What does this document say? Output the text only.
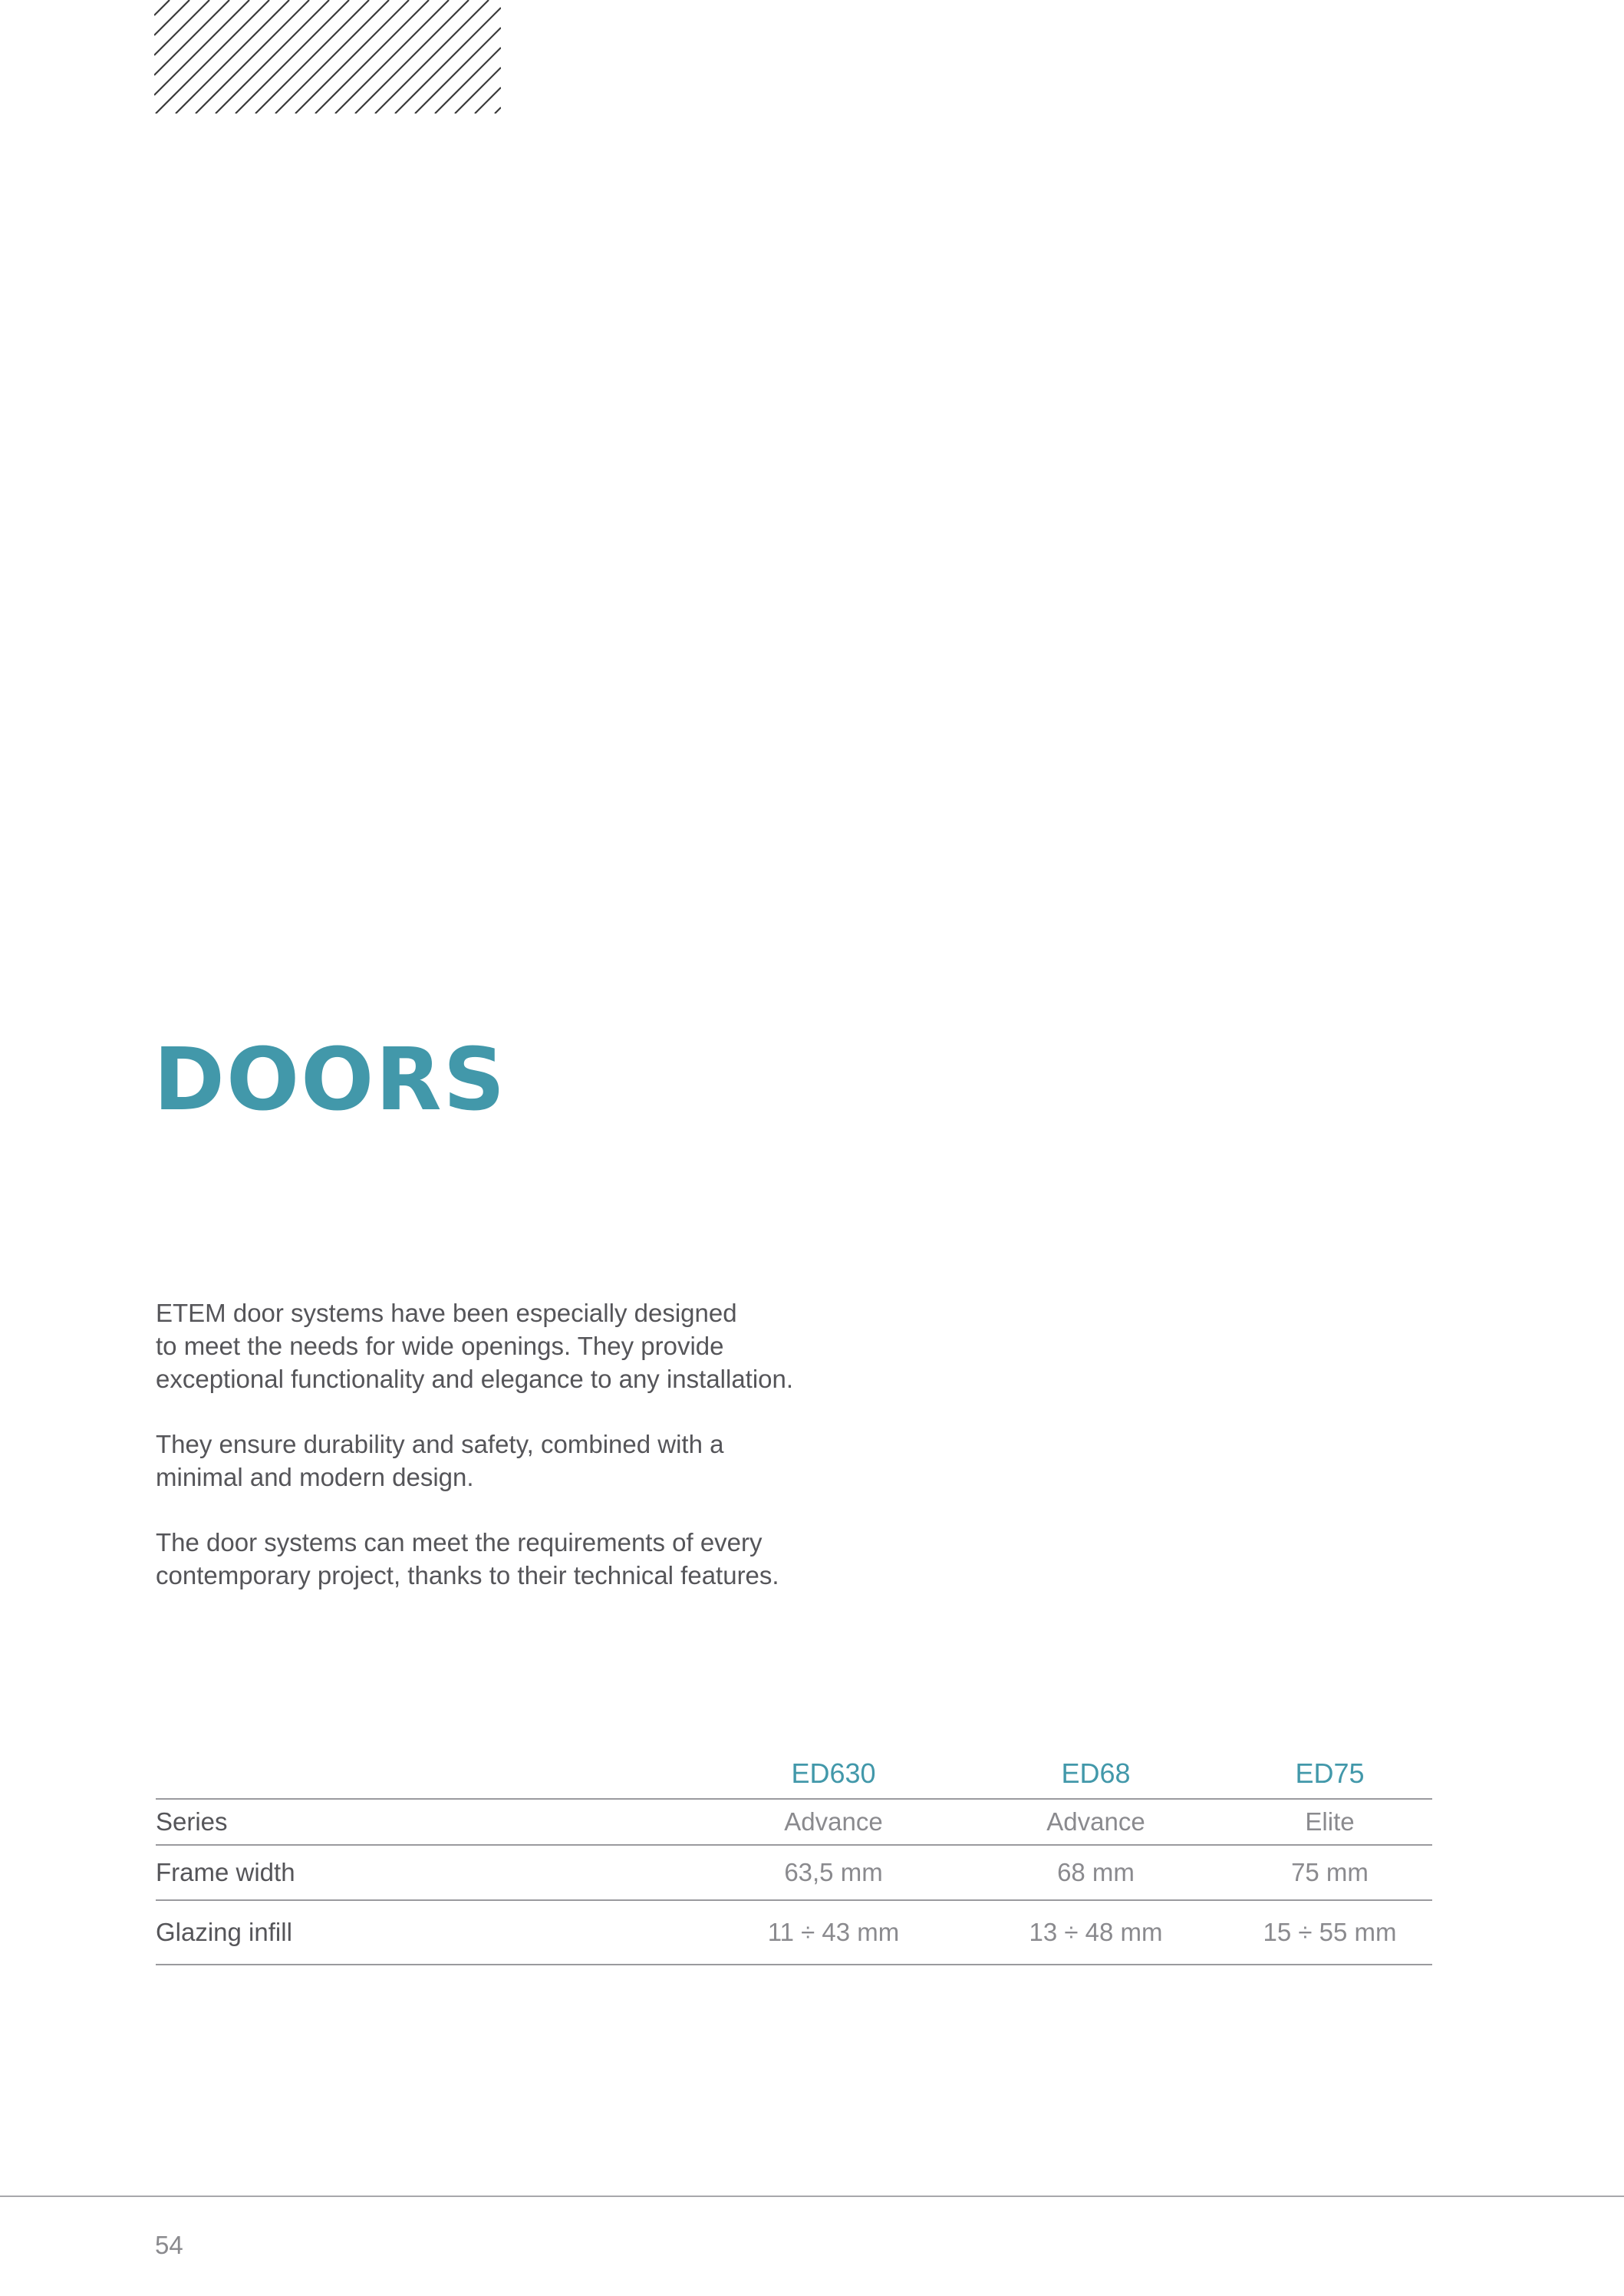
DOORS

ETEM door systems have been especially designed
to meet the needs for wide openings. They provide
exceptional functionality and elegance to any installation.

They ensure durability and safety, combined with a
minimal and modern design.

The door systems can meet the requirements of every
contemporary project, thanks to their technical features.

	ED630	ED68	ED75
Series	Advance	Advance	Elite
Frame width	63,5 mm	68 mm	75 mm
Glazing infill	11 ÷ 43 mm	13 ÷ 48 mm	15 ÷ 55 mm
54
